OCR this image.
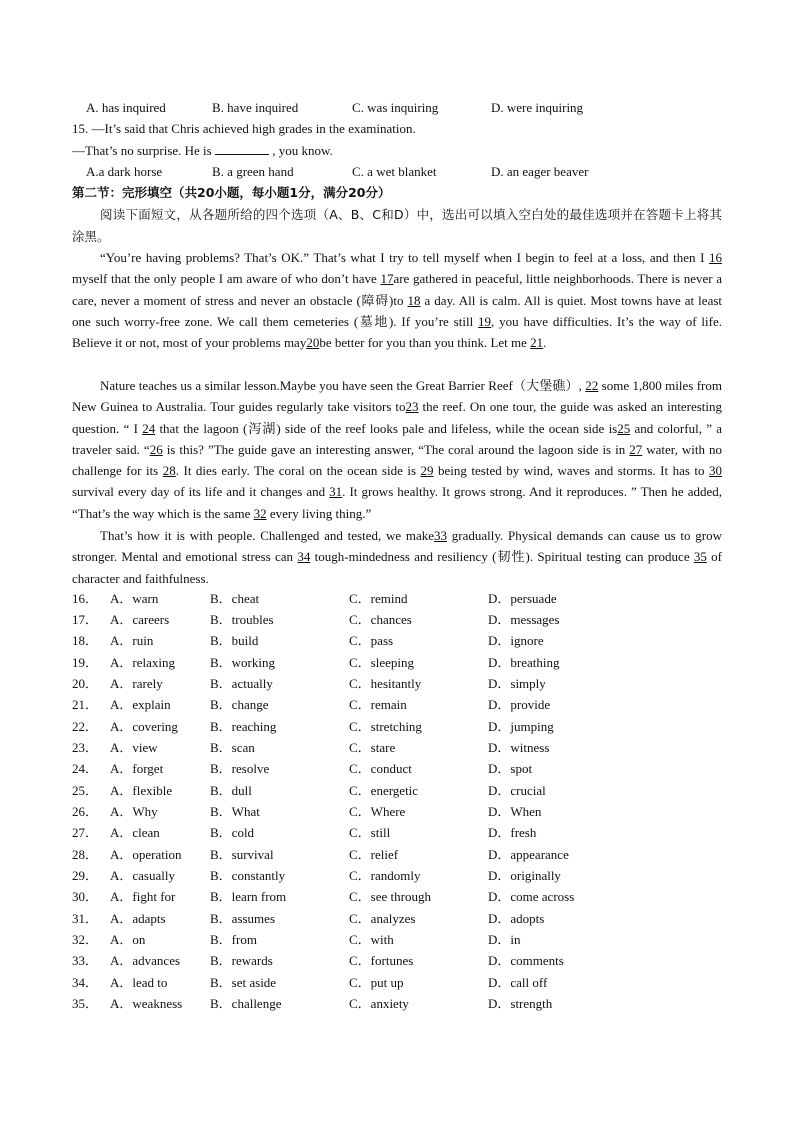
A. has inquired	B. have inquired	C. was inquiring	D. were inquiring
15. —It’s said that Chris achieved high grades in the examination.
—That’s no surprise. He is	, you know.
A.a dark horse	B. a green hand	C. a wet blanket	D. an eager beaver
第二节：完形填空（共20小题，每小题1分，满分20分）
阅读下面短文，从各题所给的四个选项（A、B、C和D）中，选出可以填入空白处的最佳选项并在答题卡上将其涂黑。
“You’re having problems? That’s OK.” That’s what I try to tell myself when I begin to feel at a loss, and then I 16 myself that the only people I am aware of who don’t have 17are gathered in peaceful, little neighborhoods. There is never a care, never a moment of stress and never an obstacle (障碍)to 18 a day. All is calm. All is quiet. Most towns have at least one such worry-free zone. We call them cemeteries (墓地). If you’re still 19, you have difficulties. It’s the way of life. Believe it or not, most of your problems may20be better for you than you think. Let me 21.
Nature teaches us a similar lesson.Maybe you have seen the Great Barrier Reef（大堡礁）, 22 some 1,800 miles from New Guinea to Australia. Tour guides regularly take visitors to23 the reef. On one tour, the guide was asked an interesting question. “ I 24 that the lagoon (泻湖) side of the reef looks pale and lifeless, while the ocean side is25 and colorful, ” a traveler said. “26 is this? ”The guide gave an interesting answer, “The coral around the lagoon side is in 27 water, with no challenge for its 28. It dies early. The coral on the ocean side is 29 being tested by wind, waves and storms. It has to 30 survival every day of its life and it changes and 31. It grows healthy. It grows strong. And it reproduces. ” Then he added, “That’s the way which is the same 32 every living thing.”
That’s how it is with people. Challenged and tested, we make33 gradually. Physical demands can cause us to grow stronger. Mental and emotional stress can 34 tough-mindedness and resiliency (韧性). Spiritual testing can produce 35 of character and faithfulness.
16． A．warn	B．cheat	C．remind	D．persuade
17． A．careers	B．troubles	C．chances	D．messages
18． A．ruin	B．build	C．pass	D．ignore
19． A．relaxing	B．working	C．sleeping	D．breathing
20． A．rarely	B．actually	C．hesitantly	D．simply
21． A．explain	B．change	C．remain	D．provide
22． A．covering B．reaching	C．stretching	D．jumping
23． A．view	B．scan	C．stare	D．witness
24． A．forget	B．resolve	C．conduct	D．spot
25． A．flexible	B．dull	C．energetic	D．crucial
26． A．Why	B．What	C．Where	D．When
27． A．clean	B．cold	C．still	D．fresh
28． A．operation B．survival	C．relief	D．appearance
29． A．casually	B．constantly	C．randomly	D．originally
30． A．fight for	B．learn from	C．see through	D．come across
31． A．adapts	B．assumes	C．analyzes	D．adopts
32． A．on	B．from	C．with	D．in
33． A．advances B．rewards	C．fortunes	D．comments
34． A．lead to	B．set aside	C．put up	D．call off
35． A．weakness B．challenge	C．anxiety	D．strength
